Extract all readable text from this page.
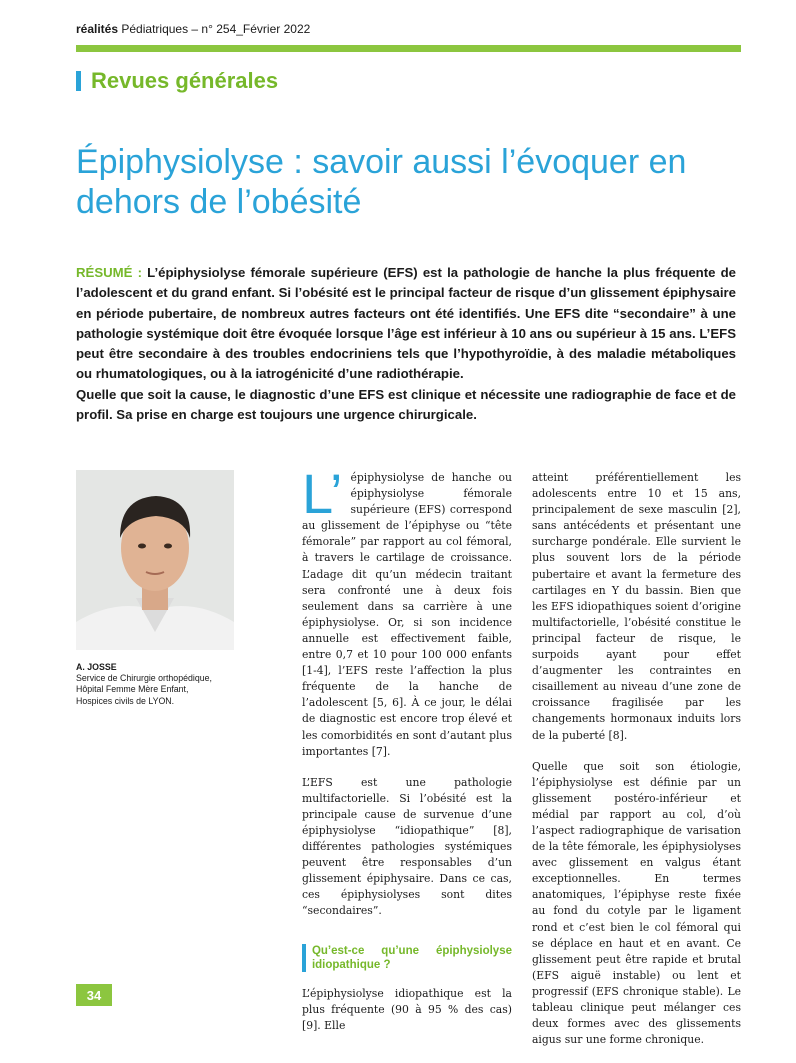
réalités Pédiatriques – n° 254_Février 2022
Revues générales
Épiphysiolyse : savoir aussi l’évoquer en dehors de l’obésité

RÉSUMÉ : L’épiphysiolyse fémorale supérieure (EFS) est la pathologie de hanche la plus fréquente de l’adolescent et du grand enfant. Si l’obésité est le principal facteur de risque d’un glissement épiphysaire en période pubertaire, de nombreux autres facteurs ont été identifiés. Une EFS dite “secondaire” à une pathologie systémique doit être évoquée lorsque l’âge est inférieur à 10 ans ou supérieur à 15 ans. L’EFS peut être secondaire à des troubles endocriniens tels que l’hypothyroïdie, à des maladie métaboliques ou rhumatologiques, ou à la iatrogénicité d’une radiothérapie.

Quelle que soit la cause, le diagnostic d’une EFS est clinique et nécessite une radiographie de face et de profil. Sa prise en charge est toujours une urgence chirurgicale.

A. JOSSE
Service de Chirurgie orthopédique,
Hôpital Femme Mère Enfant,
Hospices civils de LYON.

L’ épiphysiolyse de hanche ou épiphysiolyse fémorale supérieure (EFS) correspond au glissement de l’épiphyse ou “tête fémorale” par rapport au col fémoral, à travers le cartilage de croissance. L’adage dit qu’un médecin traitant sera confronté une à deux fois seulement dans sa carrière à une épiphysiolyse. Or, si son incidence annuelle est effectivement faible, entre 0,7 et 10 pour 100 000 enfants [1-4], l’EFS reste l’affection la plus fréquente de la hanche de l’adolescent [5, 6]. À ce jour, le délai de diagnostic est encore trop élevé et les comorbidités en sont d’autant plus importantes [7].

L’EFS est une pathologie multifactorielle. Si l’obésité est la principale cause de survenue d’une épiphysiolyse “idiopathique” [8], différentes pathologies systémiques peuvent être responsables d’un glissement épiphysaire. Dans ce cas, ces épiphysiolyses sont dites “secondaires”.

Qu’est-ce qu’une épiphysiolyse idiopathique ?

L’épiphysiolyse idiopathique est la plus fréquente (90 à 95 % des cas) [9]. Elle

atteint préférentiellement les adolescents entre 10 et 15 ans, principalement de sexe masculin [2], sans antécédents et présentant une surcharge pondérale. Elle survient le plus souvent lors de la période pubertaire et avant la fermeture des cartilages en Y du bassin. Bien que les EFS idiopathiques soient d’origine multifactorielle, l’obésité constitue le principal facteur de risque, le surpoids ayant pour effet d’augmenter les contraintes en cisaillement au niveau d’une zone de croissance fragilisée par les changements hormonaux induits lors de la puberté [8].

Quelle que soit son étiologie, l’épiphysiolyse est définie par un glissement postéro-inférieur et médial par rapport au col, d’où l’aspect radiographique de varisation de la tête fémorale, les épiphysiolyses avec glissement en valgus étant exceptionnelles. En termes anatomiques, l’épiphyse reste fixée au fond du cotyle par le ligament rond et c’est bien le col fémoral qui se déplace en haut et en avant. Ce glissement peut être rapide et brutal (EFS aiguë instable) ou lent et progressif (EFS chronique stable). Le tableau clinique peut mélanger ces deux formes avec des glissements aigus sur une forme chronique.

34
